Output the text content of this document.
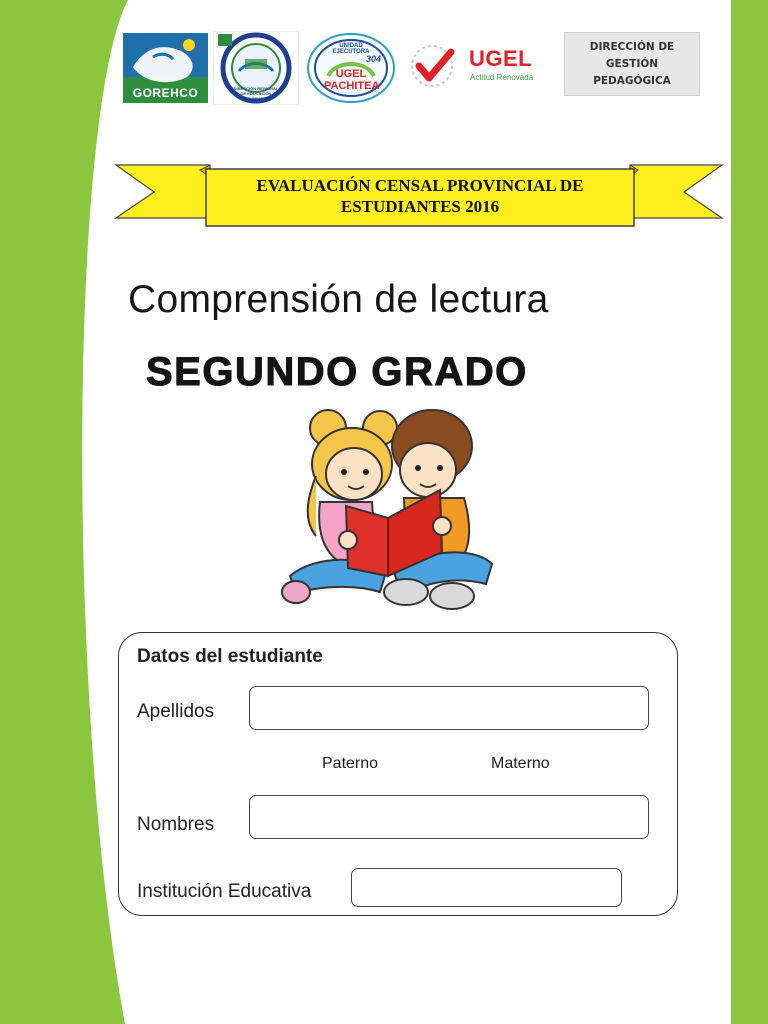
GOREHCO	DIRECCIÓN REGIONAL DE EDUCACIÓN HUÁNUCO
UNIDAD EJECUTORA
304
UGEL PACHITEA
UGEL
Actitud Renovada
DIRECCIÓN DE
GESTIÓN
PEDAGÓGICA
EVALUACIÓN CENSAL PROVINCIAL DE
ESTUDIANTES 2016
Comprensión de lectura
SEGUNDO GRADO
Datos del estudiante
Apellidos
Paterno	Materno
Nombres
Institución Educativa
